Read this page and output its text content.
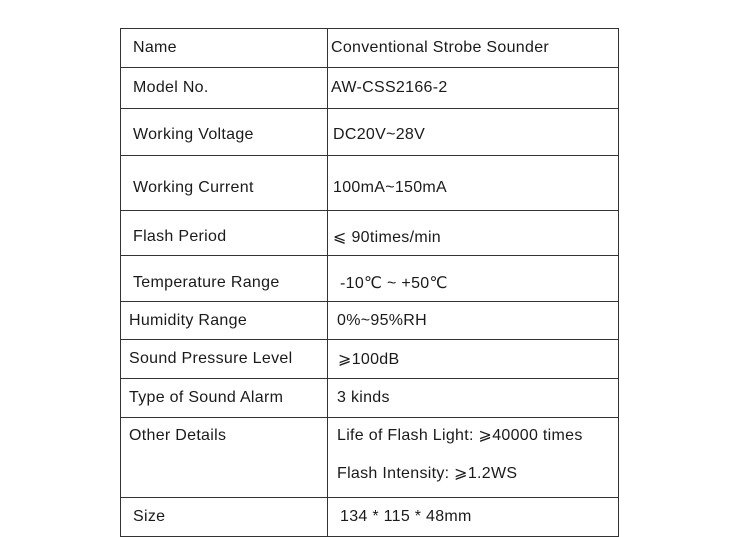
Name	Conventional Strobe Sounder
Model No.	AW-CSS2166-2
Working Voltage	DC20V~28V
Working Current	100mA~150mA
Flash Period	⩽ 90times/min
Temperature Range	-10℃ ~ +50℃
Humidity Range	0%~95%RH
Sound Pressure Level	⩾100dB
Type of Sound Alarm	3 kinds

Other Details	Life of Flash Light: ⩾40000 times
Flash Intensity: ⩾1.2WS

Size	134 * 115 * 48mm
